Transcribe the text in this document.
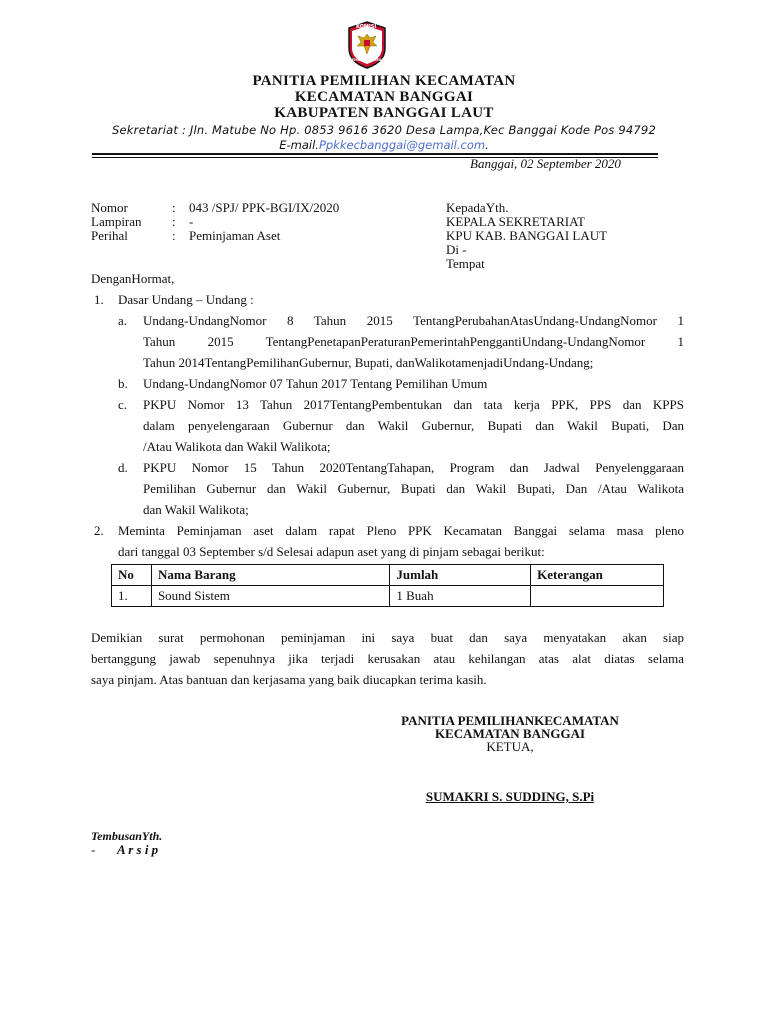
KOMISI
PEMILIHAN UMUM
PANITIA PEMILIHAN KECAMATAN
KECAMATAN BANGGAI
KABUPATEN BANGGAI LAUT
Sekretariat : Jln. Matube No Hp. 0853 9616 3620 Desa Lampa,Kec Banggai Kode Pos 94792
E-mail.Ppkkecbanggai@gemail.com.
Banggai, 02 September 2020
Nomor	: 043 /SPJ/ PPK-BGI/IX/2020
Lampiran : -
Perihal	: Peminjaman Aset
KepadaYth.
KEPALA SEKRETARIAT
KPU KAB. BANGGAI LAUT
Di -
Tempat
DenganHormat,
1. Dasar Undang – Undang :
a. Undang-UndangNomor 8 Tahun 2015 TentangPerubahanAtasUndang-UndangNomor 1
Tahun 2015 TentangPenetapanPeraturanPemerintahPenggantiUndang-UndangNomor 1
Tahun 2014TentangPemilihanGubernur, Bupati, danWalikotamenjadiUndang-Undang;
b. Undang-UndangNomor 07 Tahun 2017 Tentang Pemilihan Umum
c. PKPU Nomor 13 Tahun 2017TentangPembentukan dan tata kerja PPK, PPS dan KPPS
dalam penyelengaraan Gubernur dan Wakil Gubernur, Bupati dan Wakil Bupati, Dan
/Atau Walikota dan Wakil Walikota;
d. PKPU Nomor 15 Tahun 2020TentangTahapan, Program dan Jadwal Penyelenggaraan
Pemilihan Gubernur dan Wakil Gubernur, Bupati dan Wakil Bupati, Dan /Atau Walikota
dan Wakil Walikota;
2. Meminta Peminjaman aset dalam rapat Pleno PPK Kecamatan Banggai selama masa pleno
dari tanggal 03 September s/d Selesai adapun aset yang di pinjam sebagai berikut:
No	Nama Barang	Jumlah	Keterangan
1.	Sound Sistem	1 Buah	
Demikian surat permohonan peminjaman ini saya buat dan saya menyatakan akan siap
bertanggung jawab sepenuhnya jika terjadi kerusakan atau kehilangan atas alat diatas selama
saya pinjam. Atas bantuan dan kerjasama yang baik diucapkan terima kasih.
PANITIA PEMILIHANKECAMATAN
KECAMATAN BANGGAI
KETUA,
SUMAKRI S. SUDDING, S.Pi
TembusanYth.
- A r s i p
